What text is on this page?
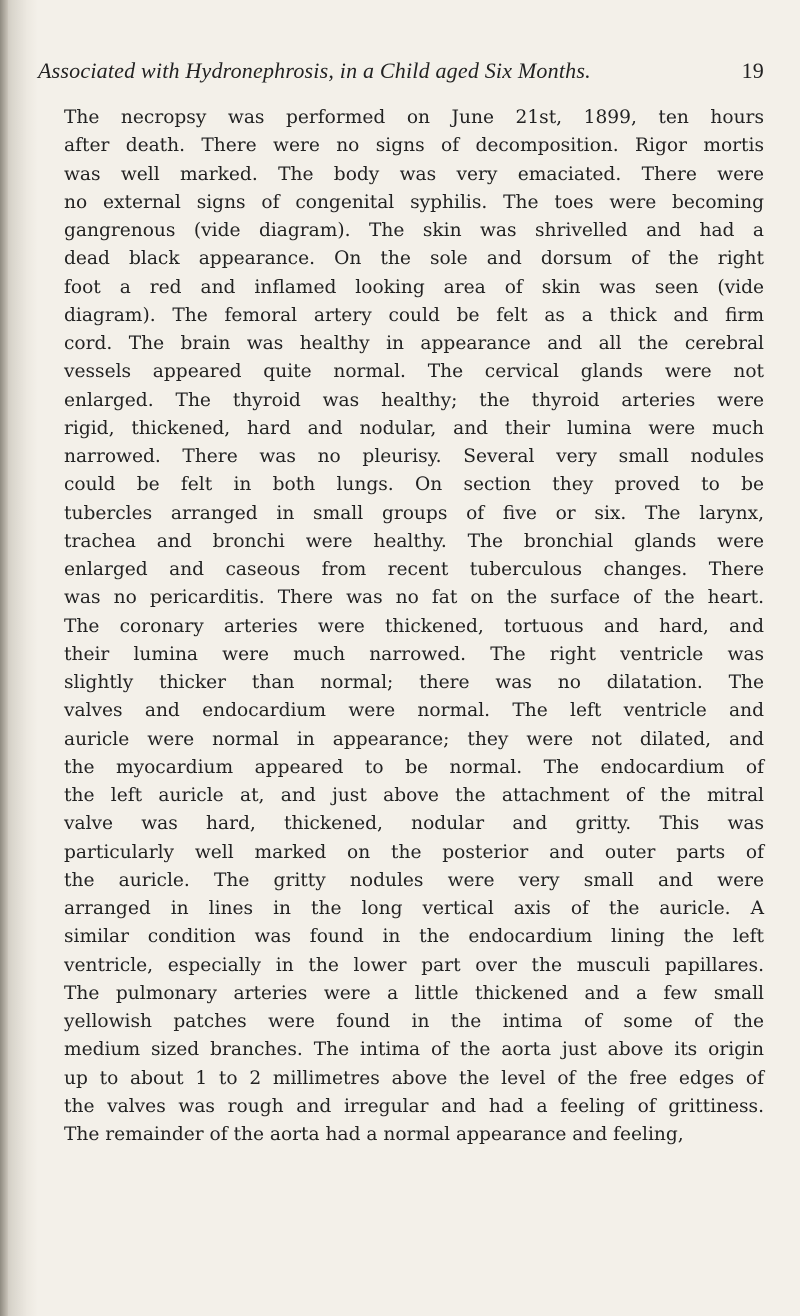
Associated with Hydronephrosis, in a Child aged Six Months.	19
The necropsy was performed on June 21st, 1899, ten hours
after death. There were no signs of decomposition. Rigor mortis
was well marked. The body was very emaciated. There were
no external signs of congenital syphilis. The toes were becoming
gangrenous (vide diagram). The skin was shrivelled and had a
dead black appearance. On the sole and dorsum of the right
foot a red and inflamed looking area of skin was seen (vide
diagram). The femoral artery could be felt as a thick and firm
cord. The brain was healthy in appearance and all the cerebral
vessels appeared quite normal. The cervical glands were not
enlarged. The thyroid was healthy; the thyroid arteries were
rigid, thickened, hard and nodular, and their lumina were much
narrowed. There was no pleurisy. Several very small nodules
could be felt in both lungs. On section they proved to be
tubercles arranged in small groups of five or six. The larynx,
trachea and bronchi were healthy. The bronchial glands were
enlarged and caseous from recent tuberculous changes. There
was no pericarditis. There was no fat on the surface of the heart.
The coronary arteries were thickened, tortuous and hard, and
their lumina were much narrowed. The right ventricle was
slightly thicker than normal; there was no dilatation. The
valves and endocardium were normal. The left ventricle and
auricle were normal in appearance; they were not dilated, and
the myocardium appeared to be normal. The endocardium of
the left auricle at, and just above the attachment of the mitral
valve was hard, thickened, nodular and gritty. This was
particularly well marked on the posterior and outer parts of
the auricle. The gritty nodules were very small and were
arranged in lines in the long vertical axis of the auricle. A
similar condition was found in the endocardium lining the left
ventricle, especially in the lower part over the musculi papillares.
The pulmonary arteries were a little thickened and a few small
yellowish patches were found in the intima of some of the
medium sized branches. The intima of the aorta just above its origin
up to about 1 to 2 millimetres above the level of the free edges of
the valves was rough and irregular and had a feeling of grittiness.
The remainder of the aorta had a normal appearance and feeling,
